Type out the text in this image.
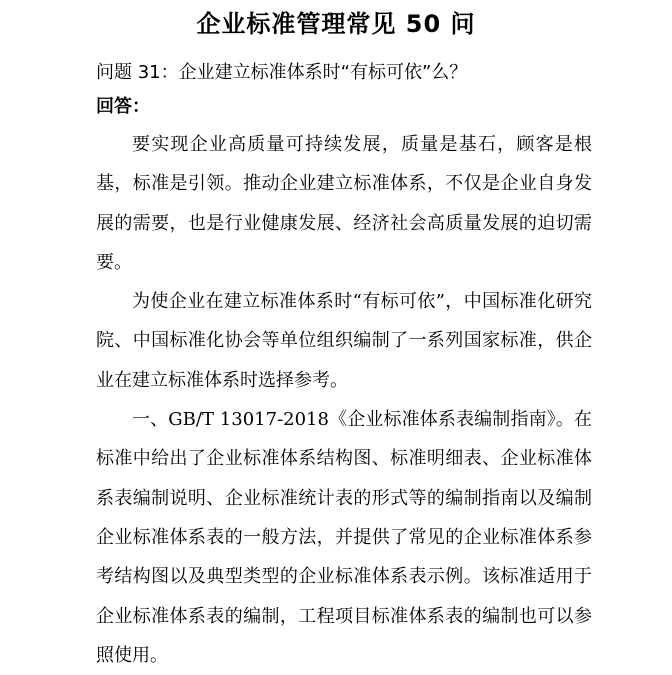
企业标准管理常见 50 问
问题 31：企业建立标准体系时“有标可依”么？
回答：

要实现企业高质量可持续发展，质量是基石，顾客是根基，标准是引领。推动企业建立标准体系，不仅是企业自身发展的需要，也是行业健康发展、经济社会高质量发展的迫切需要。

为使企业在建立标准体系时“有标可依”，中国标准化研究院、中国标准化协会等单位组织编制了一系列国家标准，供企业在建立标准体系时选择参考。

一、GB/T 13017-2018《企业标准体系表编制指南》。在标准中给出了企业标准体系结构图、标准明细表、企业标准体系表编制说明、企业标准统计表的形式等的编制指南以及编制企业标准体系表的一般方法，并提供了常见的企业标准体系参考结构图以及典型类型的企业标准体系表示例。该标准适用于企业标准体系表的编制，工程项目标准体系表的编制也可以参照使用。
